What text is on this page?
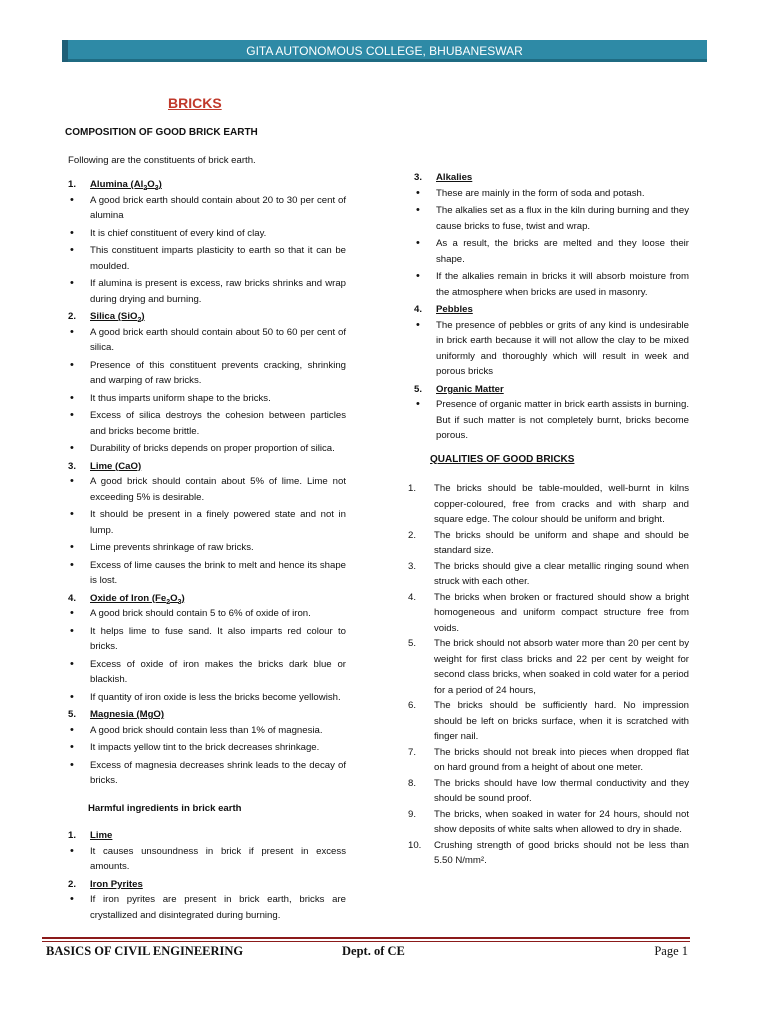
GITA AUTONOMOUS COLLEGE, BHUBANESWAR
BRICKS
COMPOSITION OF GOOD BRICK EARTH
Following are the constituents of brick earth.
1.	Alumina $(Al_2O_3)$
• A good brick earth should contain about 20 to 30 per cent of alumina
• It is chief constituent of every kind of clay.
• This constituent imparts plasticity to earth so that it can be moulded.
• If alumina is present is excess, raw bricks shrinks and wrap during drying and burning.
2.	Silica (SiO$_2$)
• A good brick earth should contain about 50 to 60 per cent of silica.
• Presence of this constituent prevents cracking, shrinking and warping of raw bricks.
• It thus imparts uniform shape to the bricks.
• Excess of silica destroys the cohesion between particles and bricks become brittle.
• Durability of bricks depends on proper proportion of silica.
3.	Lime (CaO)
• A good brick should contain about 5% of lime. Lime not exceeding 5% is desirable.
• It should be present in a finely powered state and not in lump.
• Lime prevents shrinkage of raw bricks.
• Excess of lime causes the brink to melt and hence its shape is lost.
4.	Oxide of Iron $(Fe_2O_3)$
• A good brick should contain 5 to 6% of oxide of iron.
• It helps lime to fuse sand. It also imparts red colour to bricks.
• Excess of oxide of iron makes the bricks dark blue or blackish.
• If quantity of iron oxide is less the bricks become yellowish.
5.	Magnesia (MgO)
• A good brick should contain less than 1% of magnesia.
• It impacts yellow tint to the brick decreases shrinkage.
• Excess of magnesia decreases shrink leads to the decay of bricks.
Harmful ingredients in brick earth
1.	Lime
• It causes unsoundness in brick if present in excess amounts.
2.	Iron Pyrites
• If iron pyrites are present in brick earth, bricks are crystallized and disintegrated during burning.
3.	Alkalies
• These are mainly in the form of soda and potash.
• The alkalies set as a flux in the kiln during burning and they cause bricks to fuse, twist and wrap.
• As a result, the bricks are melted and they loose their shape.
• If the alkalies remain in bricks it will absorb moisture from the atmosphere when bricks are used in masonry.
4.	Pebbles
• The presence of pebbles or grits of any kind is undesirable in brick earth because it will not allow the clay to be mixed uniformly and thoroughly which will result in week and porous bricks
5.	Organic Matter
• Presence of organic matter in brick earth assists in burning. But if such matter is not completely burnt, bricks become porous.
QUALITIES OF GOOD BRICKS
1.	The bricks should be table-moulded, well-burnt in kilns copper-coloured, free from cracks and with sharp and square edge. The colour should be uniform and bright.
2.	The bricks should be uniform and shape and should be standard size.
3.	The bricks should give a clear metallic ringing sound when struck with each other.
4.	The bricks when broken or fractured should show a bright homogeneous and uniform compact structure free from voids.
5.	The brick should not absorb water more than 20 per cent by weight for first class bricks and 22 per cent by weight for second class bricks, when soaked in cold water for a period for a period of 24 hours,
6.	The bricks should be sufficiently hard. No impression should be left on bricks surface, when it is scratched with finger nail.
7.	The bricks should not break into pieces when dropped flat on hard ground from a height of about one meter.
8.	The bricks should have low thermal conductivity and they should be sound proof.
9.	The bricks, when soaked in water for 24 hours, should not show deposits of white salts when allowed to dry in shade.
10.	Crushing strength of good bricks should not be less than 5.50 N/mm².
BASICS OF CIVIL ENGINEERING	Dept. of CE	Page 1
